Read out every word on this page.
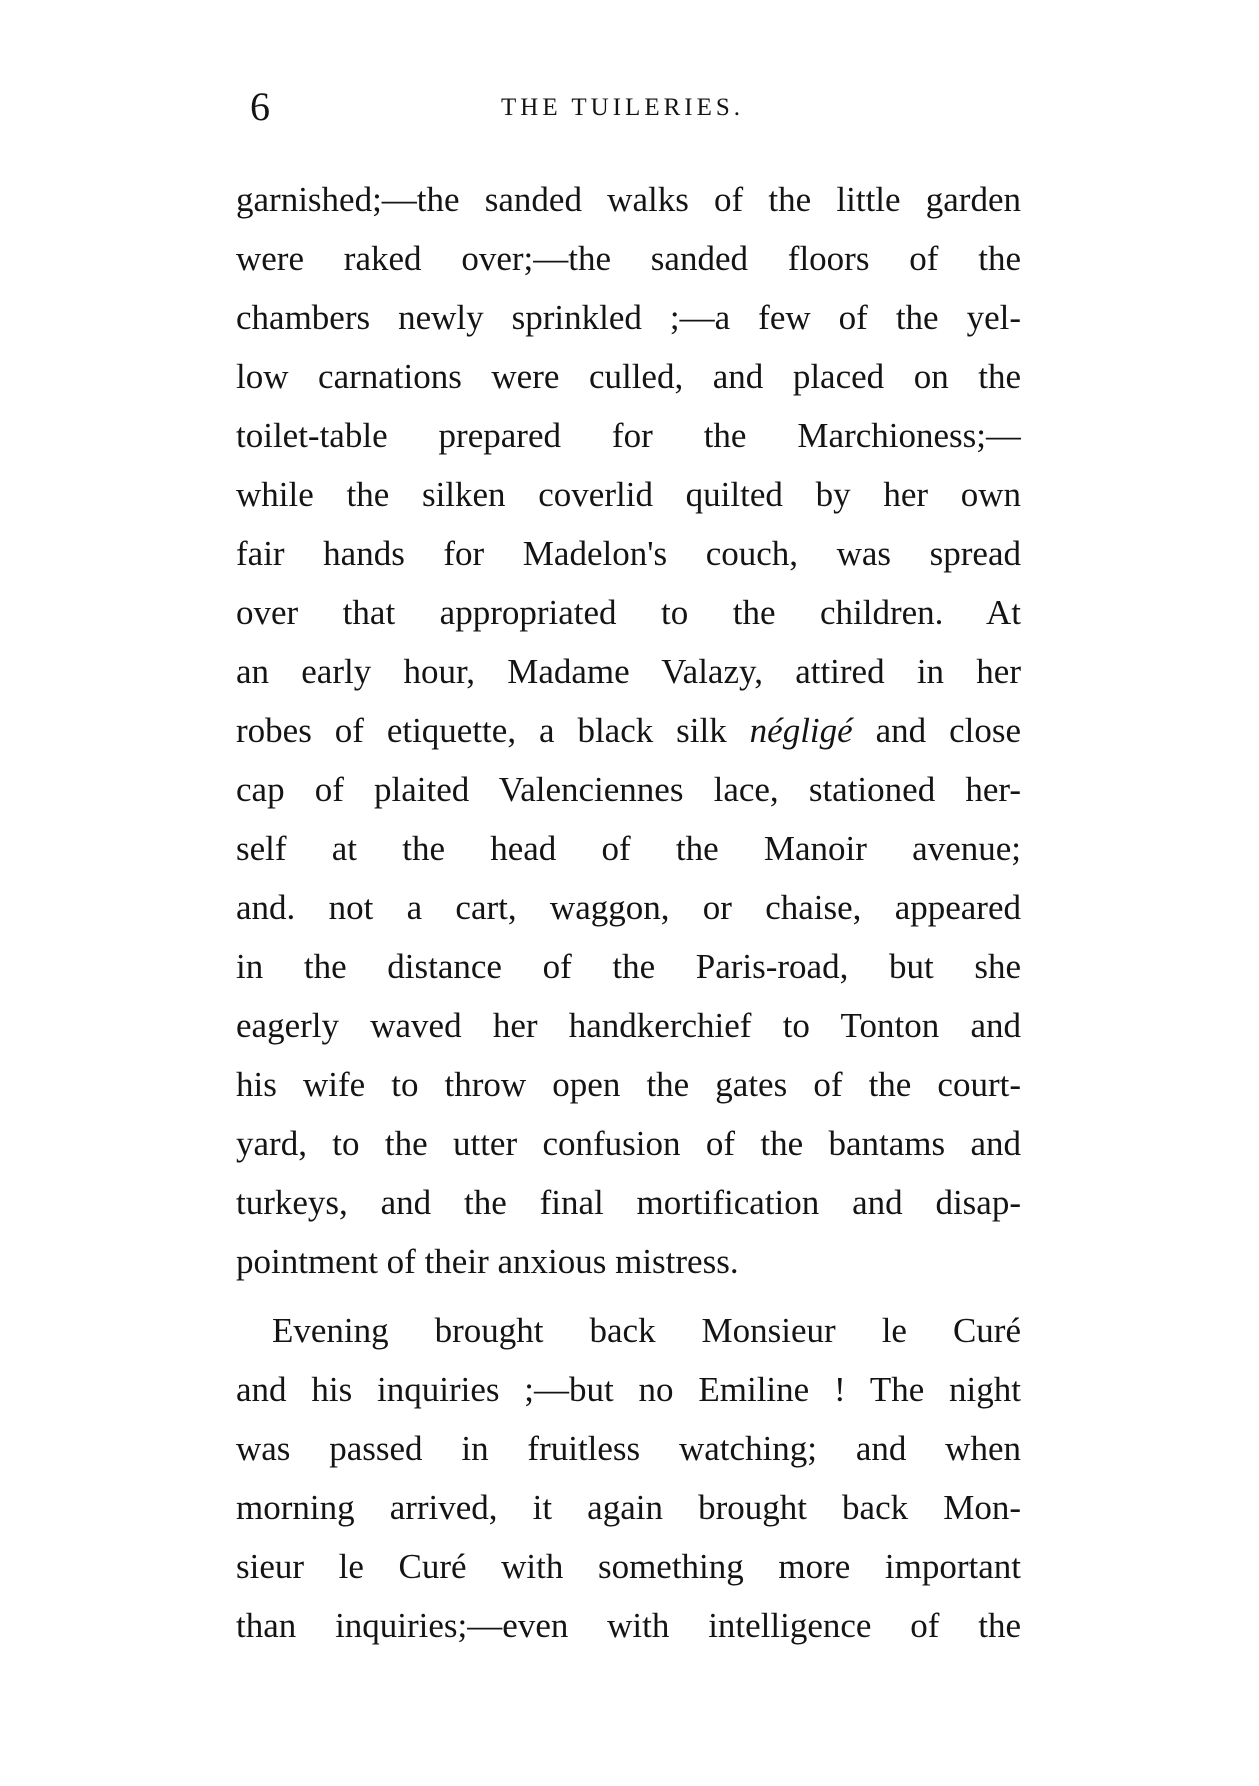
6	THE TUILERIES.
garnished;—the sanded walks of the little garden
were raked over;—the sanded floors of the
chambers newly sprinkled ;—a few of the yel-
low carnations were culled, and placed on the
toilet-table prepared for the Marchioness;—
while the silken coverlid quilted by her own
fair hands for Madelon's couch, was spread
over that appropriated to the children. At
an early hour, Madame Valazy, attired in her
robes of etiquette, a black silk négligé and close
cap of plaited Valenciennes lace, stationed her-
self at the head of the Manoir avenue;
and. not a cart, waggon, or chaise, appeared
in the distance of the Paris-road, but she
eagerly waved her handkerchief to Tonton and
his wife to throw open the gates of the court-
yard, to the utter confusion of the bantams and
turkeys, and the final mortification and disap-
pointment of their anxious mistress.
Evening brought back Monsieur le Curé
and his inquiries ;—but no Emiline ! The night
was passed in fruitless watching; and when
morning arrived, it again brought back Mon-
sieur le Curé with something more important
than inquiries;—even with intelligence of the
